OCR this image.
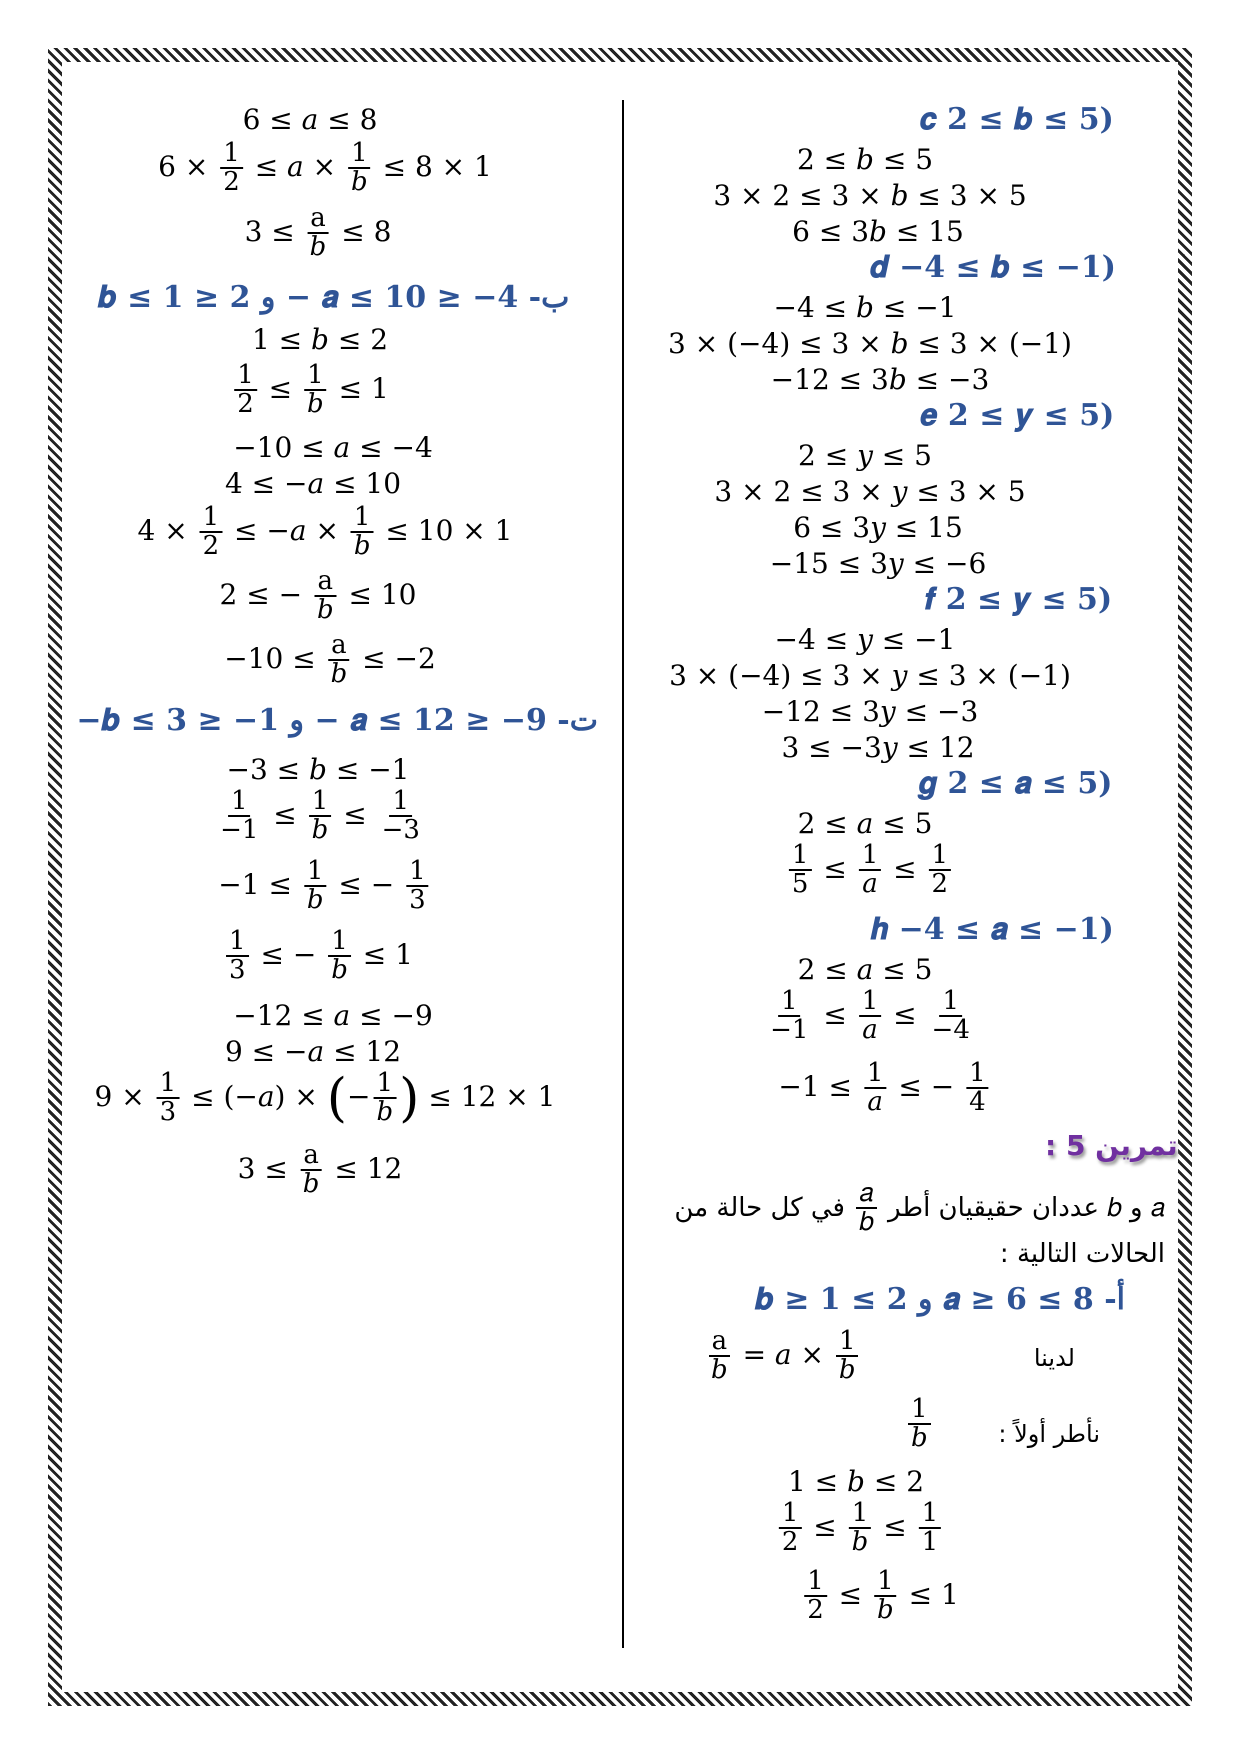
6 ≤ 𝑎 ≤ 8
$6 \times \frac{1}{2}$ ≤ 𝑎 × $\frac{1}{\text{𝑏}} \le 8 \times 1$
$3 \le \frac{a}{\text{𝑏}} \le 8$
ب- 4− ≤ 𝒂 ≤ 10 − و 2 ≤ 𝒃 ≤ 1
1 ≤ 𝑏 ≤ 2
$\frac{1}{2} \le \frac{1}{\text{𝑏}} \le 1$
−10 ≤ 𝑎 ≤ −4
4 ≤ −𝑎 ≤ 10
$4 \times \frac{1}{2}$ ≤ −𝑎 × $\frac{1}{\text{𝑏}} \le 10 \times 1$
2 ≤ − $\frac{a}{\text{𝑏}} \le 10$
$-10 \le \frac{a}{\text{𝑏}} \le -2$
ت- 9− ≤ 𝒂 ≤ 12 − و 1− ≤ 𝒃 ≤ 3−
−3 ≤ 𝑏 ≤ −1
$\frac{1}{-1} \le \frac{1}{\text{𝑏}} \le \frac{1}{-3}$
$-1 \le \frac{1}{\text{𝑏}}$ ≤ − $\frac{1}{3}$
$\frac{1}{3}$ ≤ − $\frac{1}{\text{𝑏}} \le 1$
−12 ≤ 𝑎 ≤ −9
9 ≤ −𝑎 ≤ 12
$9 \times \frac{1}{3}$ ≤ (−𝑎) × (− $\frac{1}{\text{𝑏}}$ ) ≤ 12 × 1
$3 \le \frac{a}{\text{𝑏}} \le 12$
(𝒄 2 ≤ 𝒃 ≤ 5
2 ≤ 𝑏 ≤ 5
3 × 2 ≤ 3 × 𝑏 ≤ 3 × 5
6 ≤ 3𝑏 ≤ 15
(𝒅 −4 ≤ 𝒃 ≤ −1
−4 ≤ 𝑏 ≤ −1
3 × (−4) ≤ 3 × 𝑏 ≤ 3 × (−1)
−12 ≤ 3𝑏 ≤ −3
(𝒆 2 ≤ 𝒚 ≤ 5
2 ≤ 𝑦 ≤ 5
3 × 2 ≤ 3 × 𝑦 ≤ 3 × 5
6 ≤ 3𝑦 ≤ 15
−15 ≤ 3𝑦 ≤ −6
(𝒇 2 ≤ 𝒚 ≤ 5
−4 ≤ 𝑦 ≤ −1
3 × (−4) ≤ 3 × 𝑦 ≤ 3 × (−1)
−12 ≤ 3𝑦 ≤ −3
3 ≤ −3𝑦 ≤ 12
(𝒈 2 ≤ 𝒂 ≤ 5
2 ≤ 𝑎 ≤ 5
$\frac{1}{5} \le \frac{1}{\text{𝑎}} \le \frac{1}{2}$
(𝒉 −4 ≤ 𝒂 ≤ −1
2 ≤ 𝑎 ≤ 5
$\frac{1}{-1} \le \frac{1}{\text{𝑎}} \le \frac{1}{-4}$
$-1 \le \frac{1}{\text{𝑎}}$ ≤ − $\frac{1}{4}$
تمرين 5 :
𝑎 و 𝑏 عددان حقيقيان أطر
$\frac{\text{𝑎}}{\text{𝑏}}$
في كل حالة من
الحالات التالية :
أ- 8 ≥ 𝒂 ≥ 6 و 2 ≥ 𝒃 ≥ 1
لدينا
$\frac{a}{\text{𝑏}}$ = 𝑎 × $\frac{1}{\text{𝑏}}$
نأطر أولاً :
$\frac{1}{\text{𝑏}}$
1 ≤ 𝑏 ≤ 2
$\frac{1}{2} \le \frac{1}{\text{𝑏}} \le \frac{1}{1}$
$\frac{1}{2} \le \frac{1}{\text{𝑏}} \le 1$
